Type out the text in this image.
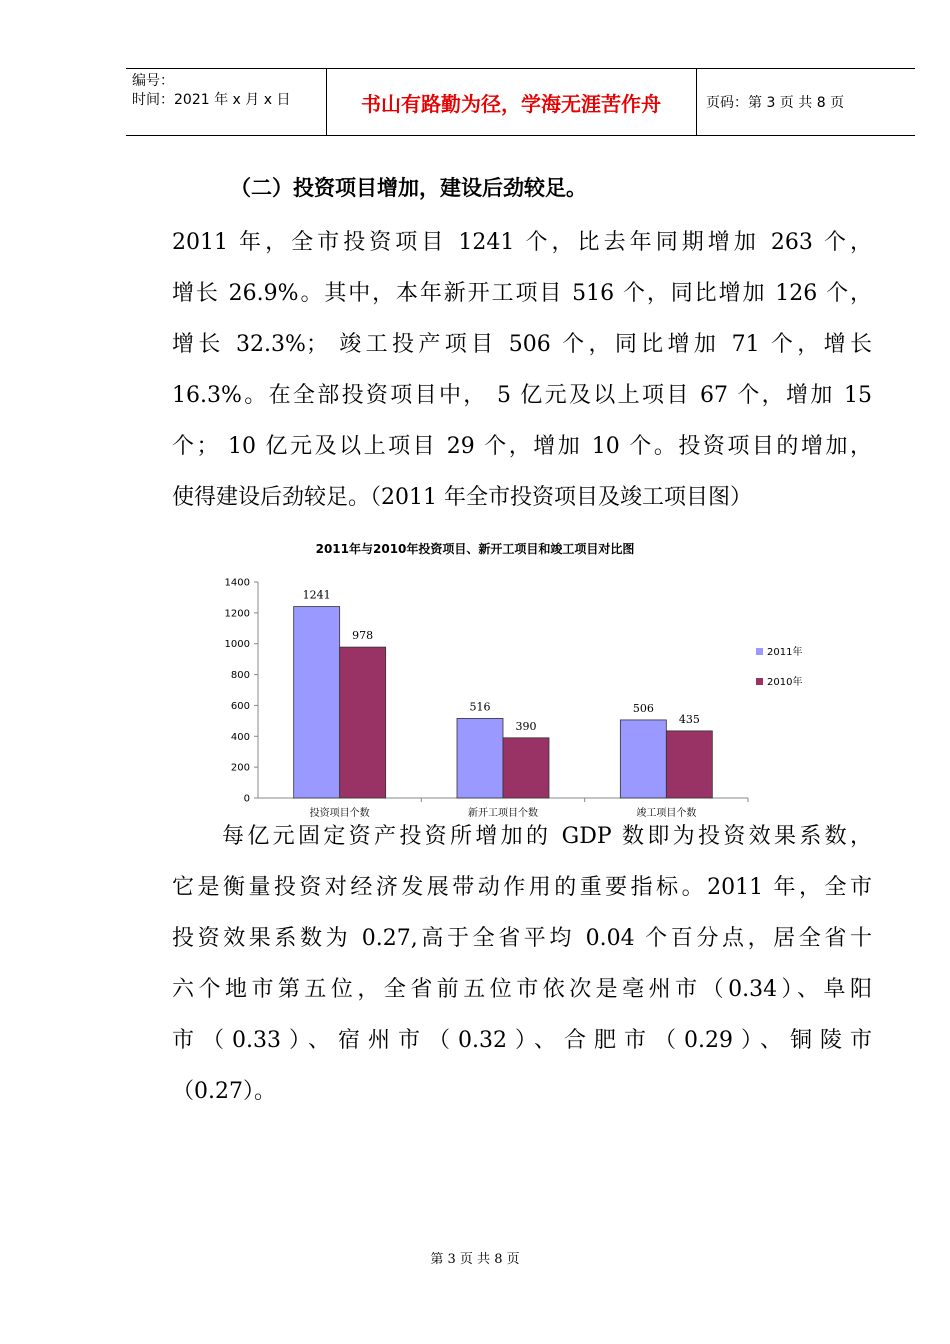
编号：
时间：2021 年 x 月 x 日	书山有路勤为径，学海无涯苦作舟	页码：第 3 页 共 8 页
（二）投资项目增加，建设后劲较足。
2011 年，全市投资项目 1241 个，比去年同期增加 263 个，
增长 26.9%。其中，本年新开工项目 516 个，同比增加 126 个，
增长 32.3%； 竣工投产项目 506 个，同比增加 71 个，增长
16.3%。在全部投资项目中， 5 亿元及以上项目 67 个，增加 15
个； 10 亿元及以上项目 29 个，增加 10 个。投资项目的增加，
使得建设后劲较足。（2011 年全市投资项目及竣工项目图）
2011年与2010年投资项目、新开工项目和竣工项目对比图
0
200
400
600
800
1000
1200
1400
投资项目个数
1241
978
新开工项目个数
516
390
竣工项目个数
506
435
2011年
2010年
每亿元固定资产投资所增加的 GDP 数即为投资效果系数，
它是衡量投资对经济发展带动作用的重要指标。2011 年，全市
投资效果系数为 0.27,高于全省平均 0.04 个百分点，居全省十
六个地市第五位，全省前五位市依次是亳州市（0.34）、阜阳
市（0.33）、宿州市（0.32）、合肥市（0.29）、铜陵市
（0.27）。
第 3 页 共 8 页
